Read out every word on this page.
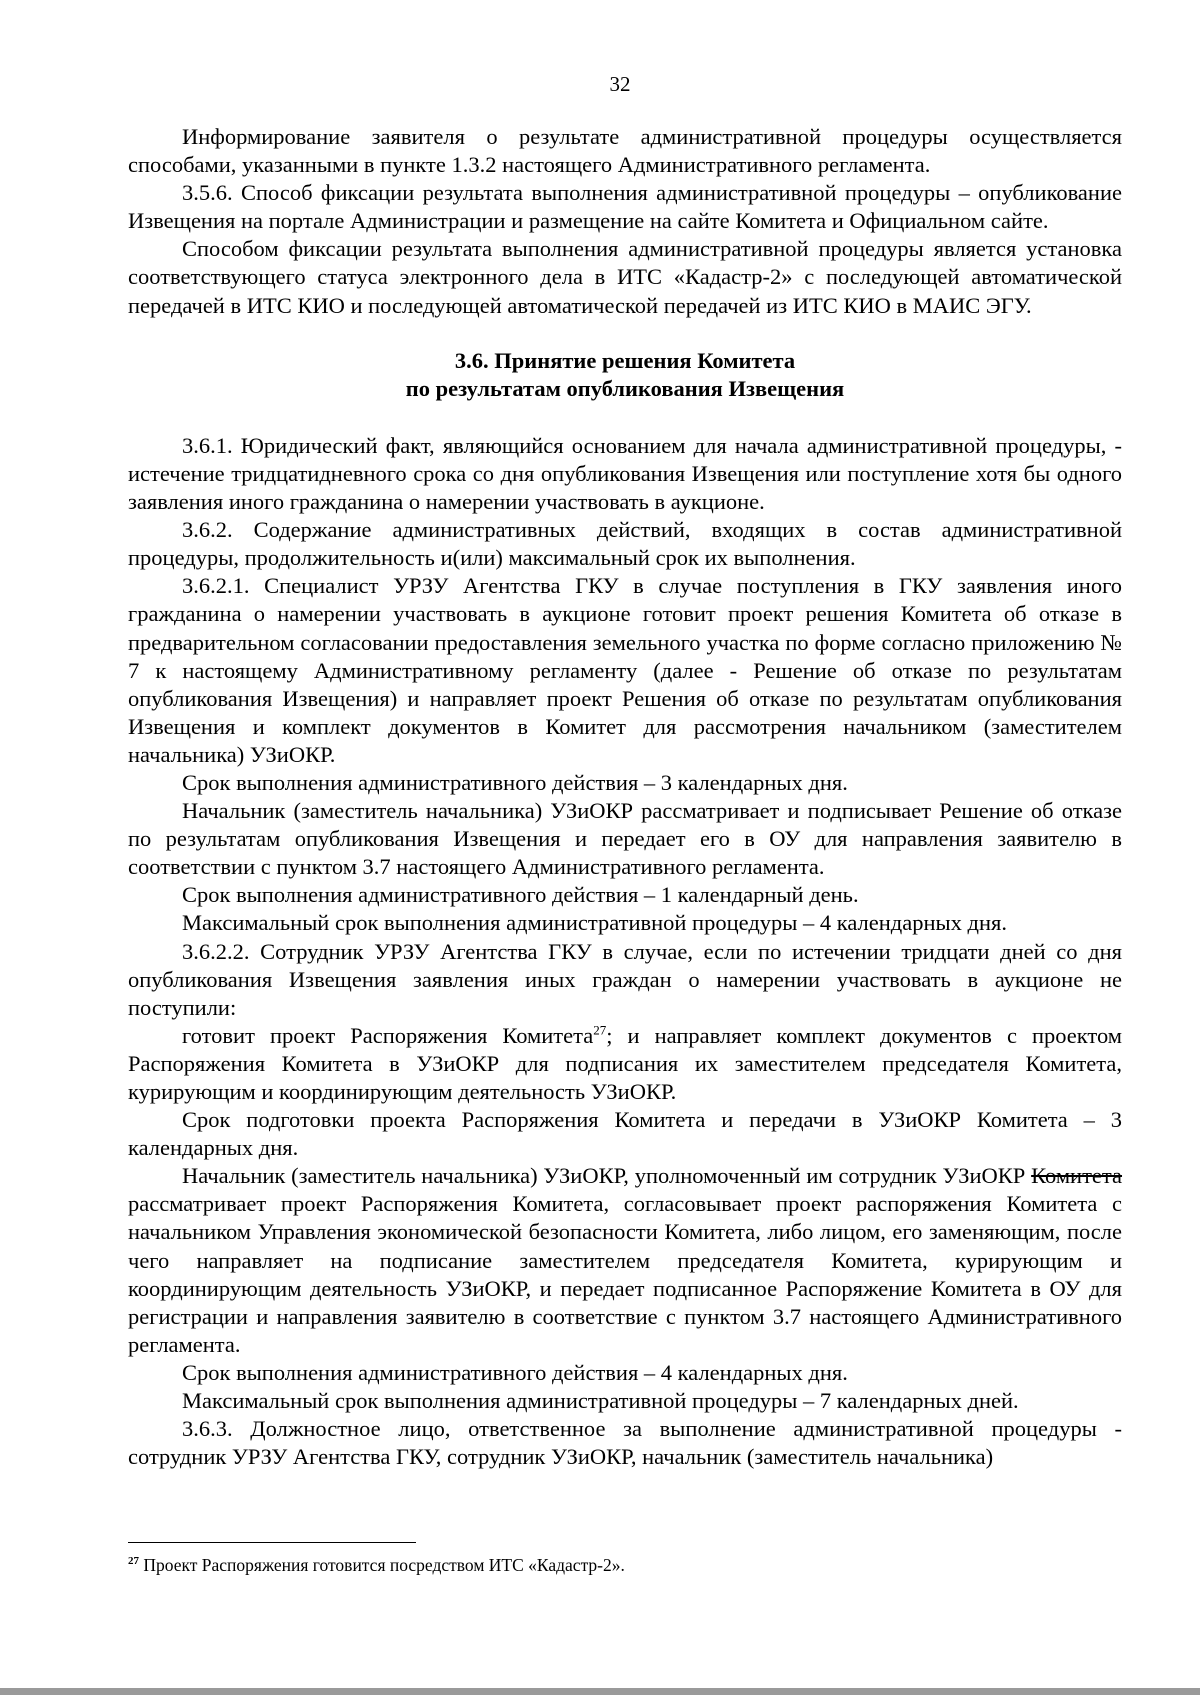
32

Информирование заявителя о результате административной процедуры осуществляется способами, указанными в пункте 1.3.2 настоящего Административного регламента.

3.5.6. Способ фиксации результата выполнения административной процедуры – опубликование Извещения на портале Администрации и размещение на сайте Комитета и Официальном сайте.

Способом фиксации результата выполнения административной процедуры является установка соответствующего статуса электронного дела в ИТС «Кадастр-2» с последующей автоматической передачей в ИТС КИО и последующей автоматической передачей из ИТС КИО в МАИС ЭГУ.

3.6. Принятие решения Комитета
по результатам опубликования Извещения

3.6.1. Юридический факт, являющийся основанием для начала административной процедуры, - истечение тридцатидневного срока со дня опубликования Извещения или поступление хотя бы одного заявления иного гражданина о намерении участвовать в аукционе.

3.6.2. Содержание административных действий, входящих в состав административной процедуры, продолжительность и(или) максимальный срок их выполнения.

3.6.2.1. Специалист УРЗУ Агентства ГКУ в случае поступления в ГКУ заявления иного гражданина о намерении участвовать в аукционе готовит проект решения Комитета об отказе в предварительном согласовании предоставления земельного участка по форме согласно приложению № 7 к настоящему Административному регламенту (далее - Решение об отказе по результатам опубликования Извещения) и направляет проект Решения об отказе по результатам опубликования Извещения и комплект документов в Комитет для рассмотрения начальником (заместителем начальника) УЗиОКР.

Срок выполнения административного действия – 3 календарных дня.

Начальник (заместитель начальника) УЗиОКР рассматривает и подписывает Решение об отказе по результатам опубликования Извещения и передает его в ОУ для направления заявителю в соответствии с пунктом 3.7 настоящего Административного регламента.

Срок выполнения административного действия – 1 календарный день.

Максимальный срок выполнения административной процедуры – 4 календарных дня.

3.6.2.2. Сотрудник УРЗУ Агентства ГКУ в случае, если по истечении тридцати дней со дня опубликования Извещения заявления иных граждан о намерении участвовать в аукционе не поступили:

готовит проект Распоряжения Комитета$^{27}$; и направляет комплект документов с проектом Распоряжения Комитета в УЗиОКР для подписания их заместителем председателя Комитета, курирующим и координирующим деятельность УЗиОКР.

Срок подготовки проекта Распоряжения Комитета и передачи в УЗиОКР Комитета – 3 календарных дня.

Начальник (заместитель начальника) УЗиОКР, уполномоченный им сотрудник УЗиОКР Комитета рассматривает проект Распоряжения Комитета, согласовывает проект распоряжения Комитета с начальником Управления экономической безопасности Комитета, либо лицом, его заменяющим, после чего направляет на подписание заместителем председателя Комитета, курирующим и координирующим деятельность УЗиОКР, и передает подписанное Распоряжение Комитета в ОУ для регистрации и направления заявителю в соответствие с пунктом 3.7 настоящего Административного регламента.

Срок выполнения административного действия – 4 календарных дня.

Максимальный срок выполнения административной процедуры – 7 календарных дней.

3.6.3. Должностное лицо, ответственное за выполнение административной процедуры - сотрудник УРЗУ Агентства ГКУ, сотрудник УЗиОКР, начальник (заместитель начальника)

$^{27}$ Проект Распоряжения готовится посредством ИТС «Кадастр-2».
